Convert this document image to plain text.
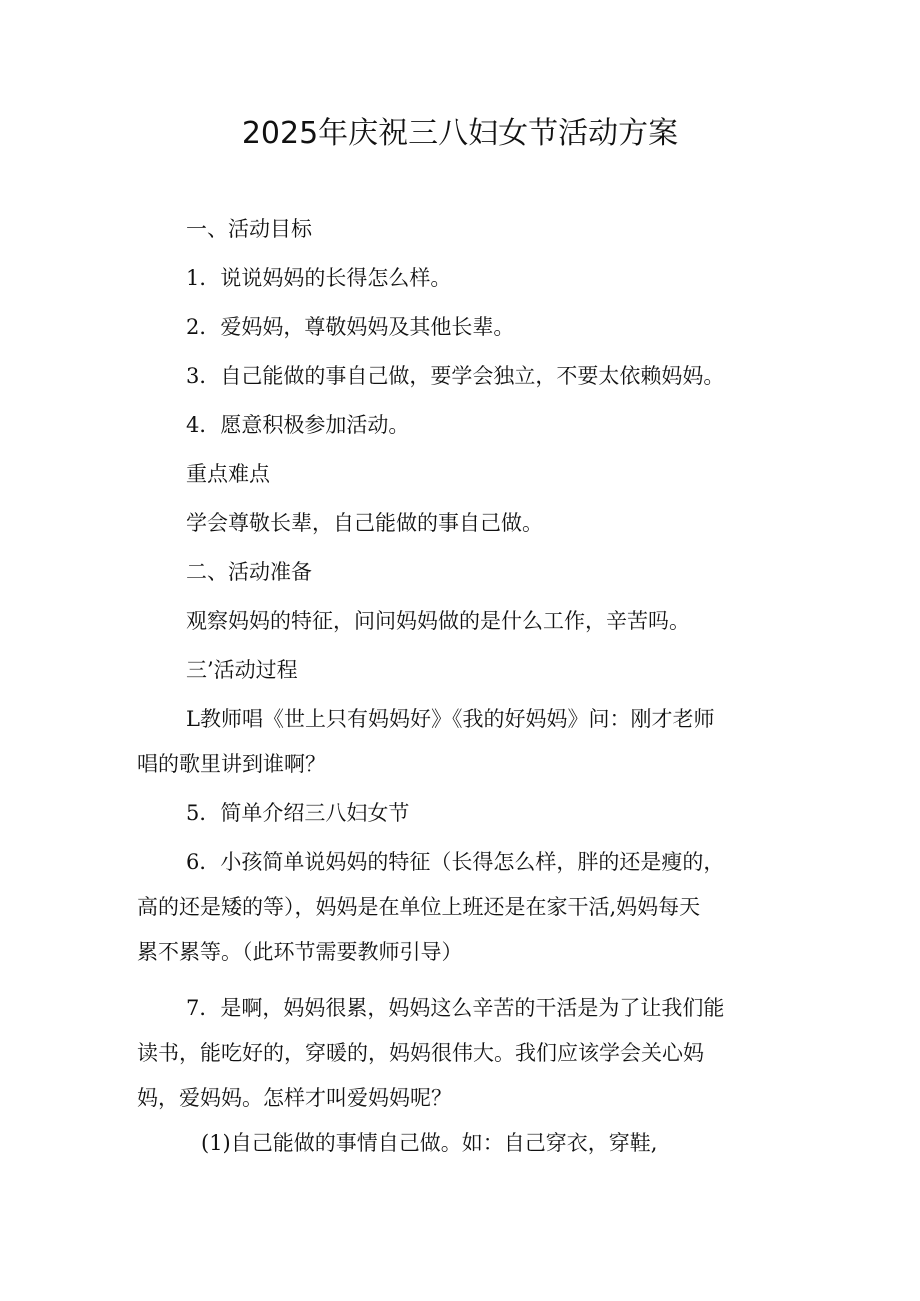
2025年庆祝三八妇女节活动方案
一、活动目标
1．说说妈妈的长得怎么样。
2．爱妈妈，尊敬妈妈及其他长辈。
3．自己能做的事自己做，要学会独立，不要太依赖妈妈。
4．愿意积极参加活动。
重点难点
学会尊敬长辈，自己能做的事自己做。
二、活动准备
观察妈妈的特征，问问妈妈做的是什么工作，辛苦吗。
三’活动过程
L教师唱《世上只有妈妈好》《我的好妈妈》问：刚才老师
唱的歌里讲到谁啊？
5．简单介绍三八妇女节
6．小孩简单说妈妈的特征（长得怎么样，胖的还是瘦的，
高的还是矮的等），妈妈是在单位上班还是在家干活,妈妈每天
累不累等。（此环节需要教师引导）
7．是啊，妈妈很累，妈妈这么辛苦的干活是为了让我们能
读书，能吃好的，穿暖的，妈妈很伟大。我们应该学会关心妈
妈，爱妈妈。怎样才叫爱妈妈呢？
(1)自己能做的事情自己做。如：自己穿衣，穿鞋,
